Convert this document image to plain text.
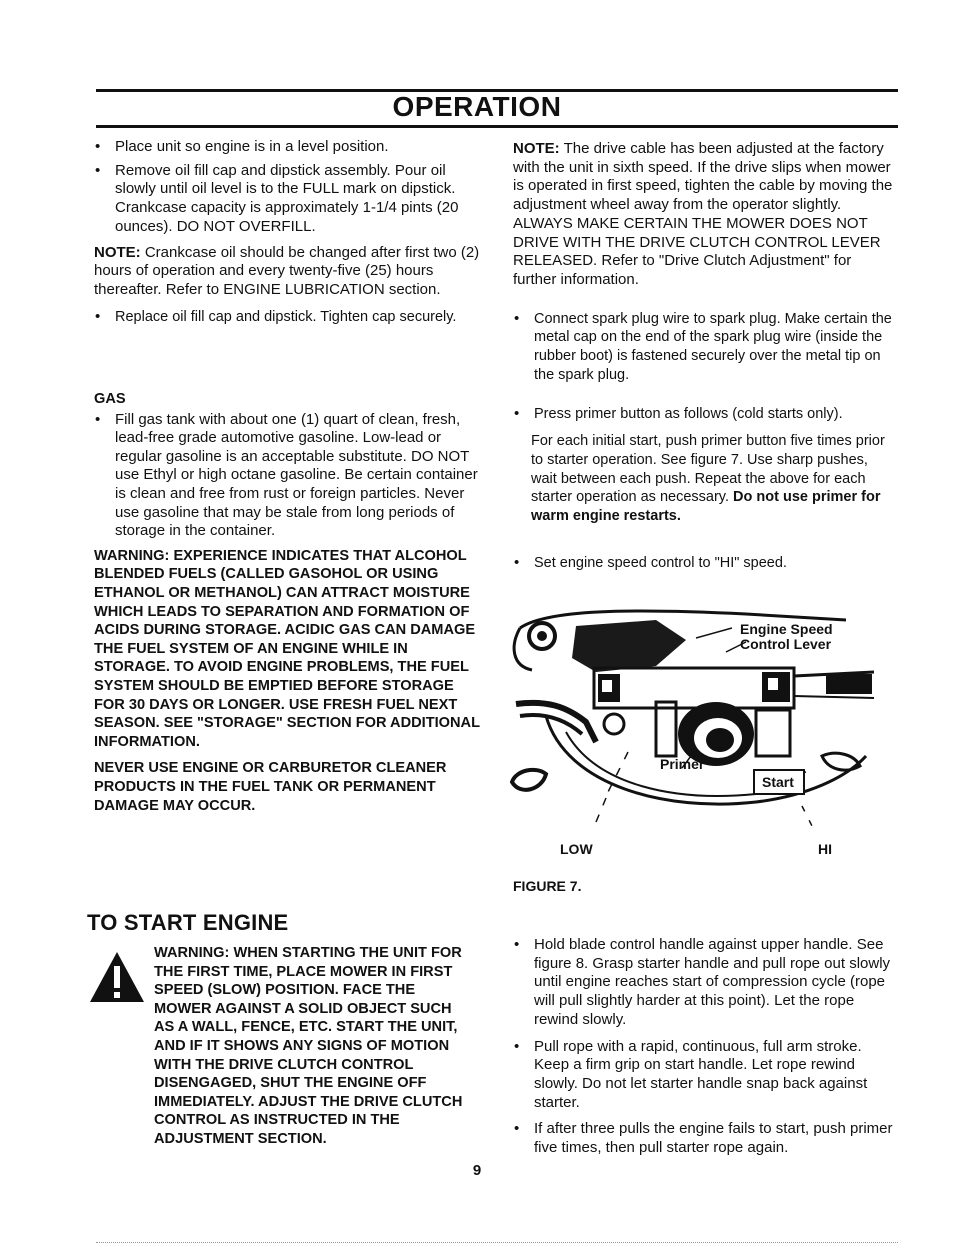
OPERATION

• Place unit so engine is in a level position.

• Remove oil fill cap and dipstick assembly. Pour oil slowly until oil level is to the FULL mark on dipstick. Crankcase capacity is approximately 1-1/4 pints (20 ounces). DO NOT OVERFILL.

NOTE: Crankcase oil should be changed after first two (2) hours of operation and every twenty-five (25) hours thereafter. Refer to ENGINE LUBRICATION section.

• Replace oil fill cap and dipstick. Tighten cap securely.

GAS

• Fill gas tank with about one (1) quart of clean, fresh, lead-free grade automotive gasoline. Low-lead or regular gasoline is an acceptable substitute. DO NOT use Ethyl or high octane gasoline. Be certain container is clean and free from rust or foreign particles. Never use gasoline that may be stale from long periods of storage in the container.

WARNING: EXPERIENCE INDICATES THAT ALCOHOL BLENDED FUELS (CALLED GASOHOL OR USING ETHANOL OR METHANOL) CAN ATTRACT MOISTURE WHICH LEADS TO SEPARATION AND FORMATION OF ACIDS DURING STORAGE. ACIDIC GAS CAN DAMAGE THE FUEL SYSTEM OF AN ENGINE WHILE IN STORAGE. TO AVOID ENGINE PROBLEMS, THE FUEL SYSTEM SHOULD BE EMPTIED BEFORE STORAGE FOR 30 DAYS OR LONGER. USE FRESH FUEL NEXT SEASON. SEE "STORAGE" SECTION FOR ADDITIONAL INFORMATION.

NEVER USE ENGINE OR CARBURETOR CLEANER PRODUCTS IN THE FUEL TANK OR PERMANENT DAMAGE MAY OCCUR.

TO START ENGINE

WARNING: WHEN STARTING THE UNIT FOR THE FIRST TIME, PLACE MOWER IN FIRST SPEED (SLOW) POSITION. FACE THE MOWER AGAINST A SOLID OBJECT SUCH AS A WALL, FENCE, ETC. START THE UNIT, AND IF IT SHOWS ANY SIGNS OF MOTION WITH THE DRIVE CLUTCH CONTROL DISENGAGED, SHUT THE ENGINE OFF IMMEDIATELY. ADJUST THE DRIVE CLUTCH CONTROL AS INSTRUCTED IN THE ADJUSTMENT SECTION.

NOTE: The drive cable has been adjusted at the factory with the unit in sixth speed. If the drive slips when mower is operated in first speed, tighten the cable by moving the adjustment wheel away from the operator slightly. ALWAYS MAKE CERTAIN THE MOWER DOES NOT DRIVE WITH THE DRIVE CLUTCH CONTROL LEVER RELEASED. Refer to "Drive Clutch Adjustment" for further information.

• Connect spark plug wire to spark plug. Make certain the metal cap on the end of the spark plug wire (inside the rubber boot) is fastened securely over the metal tip on the spark plug.

• Press primer button as follows (cold starts only).

For each initial start, push primer button five times prior to starter operation. See figure 7. Use sharp pushes, wait between each push. Repeat the above for each starter operation as necessary. Do not use primer for warm engine restarts.

• Set engine speed control to "HI" speed.

Engine Speed
Control Lever
Primer
Start
LOW	HI
FIGURE 7.

• Hold blade control handle against upper handle. See figure 8. Grasp starter handle and pull rope out slowly until engine reaches start of compression cycle (rope will pull slightly harder at this point). Let the rope rewind slowly.

• Pull rope with a rapid, continuous, full arm stroke. Keep a firm grip on start handle. Let rope rewind slowly. Do not let starter handle snap back against starter.

• If after three pulls the engine fails to start, push primer five times, then pull starter rope again.

9
